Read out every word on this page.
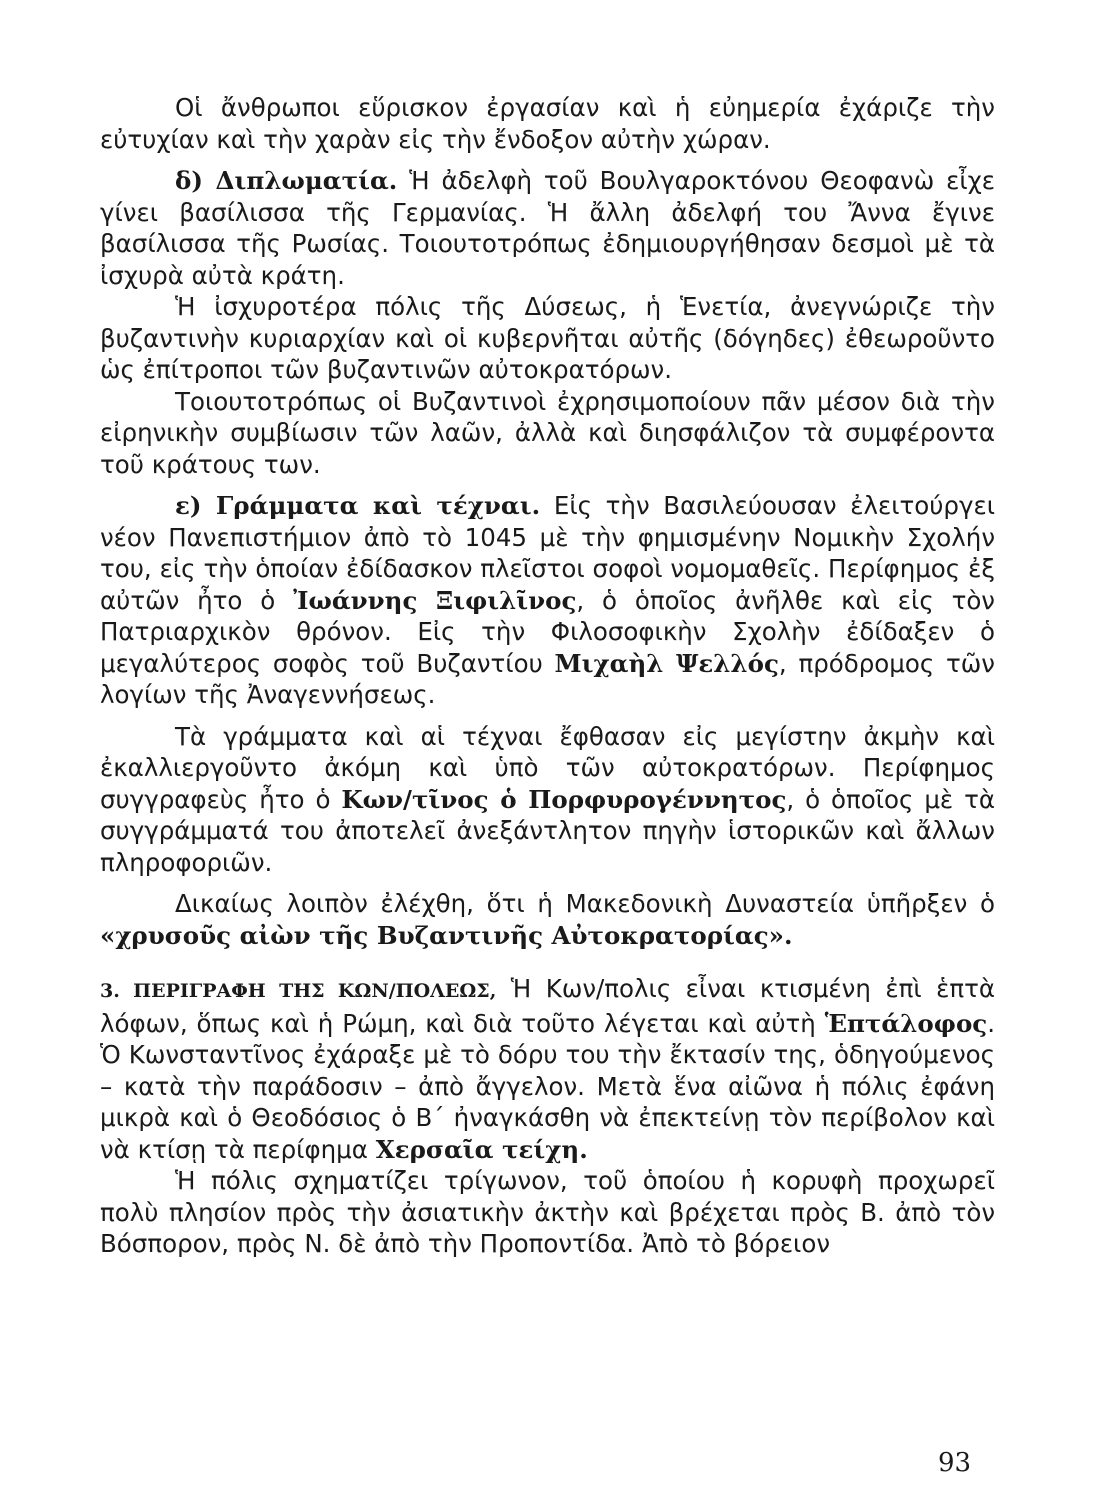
Οἱ ἄνθρωποι εὕρισκον ἐργασίαν καὶ ἡ εὐημερία ἐχάριζε τὴν εὐτυχίαν καὶ τὴν χαρὰν εἰς τὴν ἔνδοξον αὐτὴν χώραν.

δ) Διπλωματία. Ἡ ἀδελφὴ τοῦ Βουλγαροκτόνου Θεοφανὼ εἶχε γίνει βασίλισσα τῆς Γερμανίας. Ἡ ἄλλη ἀδελφή του Ἄννα ἔγινε βασίλισσα τῆς Ρωσίας. Τοιουτοτρόπως ἐδημιουργήθησαν δεσμοὶ μὲ τὰ ἰσχυρὰ αὐτὰ κράτη.

Ἡ ἰσχυροτέρα πόλις τῆς Δύσεως, ἡ Ἑνετία, ἀνεγνώριζε τὴν βυζαντινὴν κυριαρχίαν καὶ οἱ κυβερνῆται αὐτῆς (δόγηδες) ἐθεωροῦντο ὡς ἐπίτροποι τῶν βυζαντινῶν αὐτοκρατόρων.

Τοιουτοτρόπως οἱ Βυζαντινοὶ ἐχρησιμοποίουν πᾶν μέσον διὰ τὴν εἰρηνικὴν συμβίωσιν τῶν λαῶν, ἀλλὰ καὶ διησφάλιζον τὰ συμφέροντα τοῦ κράτους των.

ε) Γράμματα καὶ τέχναι. Εἰς τὴν Βασιλεύουσαν ἐλειτούργει νέον Πανεπιστήμιον ἀπὸ τὸ 1045 μὲ τὴν φημισμένην Νομικὴν Σχολήν του, εἰς τὴν ὁποίαν ἐδίδασκον πλεῖστοι σοφοὶ νομομαθεῖς. Περίφημος ἐξ αὐτῶν ἦτο ὁ Ἰωάννης Ξιφιλῖνος, ὁ ὁποῖος ἀνῆλθε καὶ εἰς τὸν Πατριαρχικὸν θρόνον. Εἰς τὴν Φιλοσοφικὴν Σχολὴν ἐδίδαξεν ὁ μεγαλύτερος σοφὸς τοῦ Βυζαντίου Μιχαὴλ Ψελλός, πρόδρομος τῶν λογίων τῆς Ἀναγεννήσεως.

Τὰ γράμματα καὶ αἱ τέχναι ἔφθασαν εἰς μεγίστην ἀκμὴν καὶ ἐκαλλιεργοῦντο ἀκόμη καὶ ὑπὸ τῶν αὐτοκρατόρων. Περίφημος συγγραφεὺς ἦτο ὁ Κων/τῖνος ὁ Πορφυρογέννητος, ὁ ὁποῖος μὲ τὰ συγγράμματά του ἀποτελεῖ ἀνεξάντλητον πηγὴν ἱστορικῶν καὶ ἄλλων πληροφοριῶν.

Δικαίως λοιπὸν ἐλέχθη, ὅτι ἡ Μακεδονικὴ Δυναστεία ὑπῆρξεν ὁ «χρυσοῦς αἰὼν τῆς Βυζαντινῆς Αὐτοκρατορίας».

3. ΠΕΡΙΓΡΑΦΗ ΤΗΣ ΚΩΝ/ΠΟΛΕΩΣ, Ἡ Κων/πολις εἶναι κτισμένη ἐπὶ ἑπτὰ λόφων, ὅπως καὶ ἡ Ρώμη, καὶ διὰ τοῦτο λέγεται καὶ αὐτὴ Ἑπτάλοφος. Ὁ Κωνσταντῖνος ἐχάραξε μὲ τὸ δόρυ του τὴν ἔκτασίν της, ὁδηγούμενος – κατὰ τὴν παράδοσιν – ἀπὸ ἄγγελον. Μετὰ ἕνα αἰῶνα ἡ πόλις ἐφάνη μικρὰ καὶ ὁ Θεοδόσιος ὁ Β΄ ἠναγκάσθη νὰ ἐπεκτείνῃ τὸν περίβολον καὶ νὰ κτίσῃ τὰ περίφημα Χερσαῖα τείχη.

Ἡ πόλις σχηματίζει τρίγωνον, τοῦ ὁποίου ἡ κορυφὴ προχωρεῖ πολὺ πλησίον πρὸς τὴν ἀσιατικὴν ἀκτὴν καὶ βρέχεται πρὸς Β. ἀπὸ τὸν Βόσπορον, πρὸς Ν. δὲ ἀπὸ τὴν Προποντίδα. Ἀπὸ τὸ βόρειον

93
